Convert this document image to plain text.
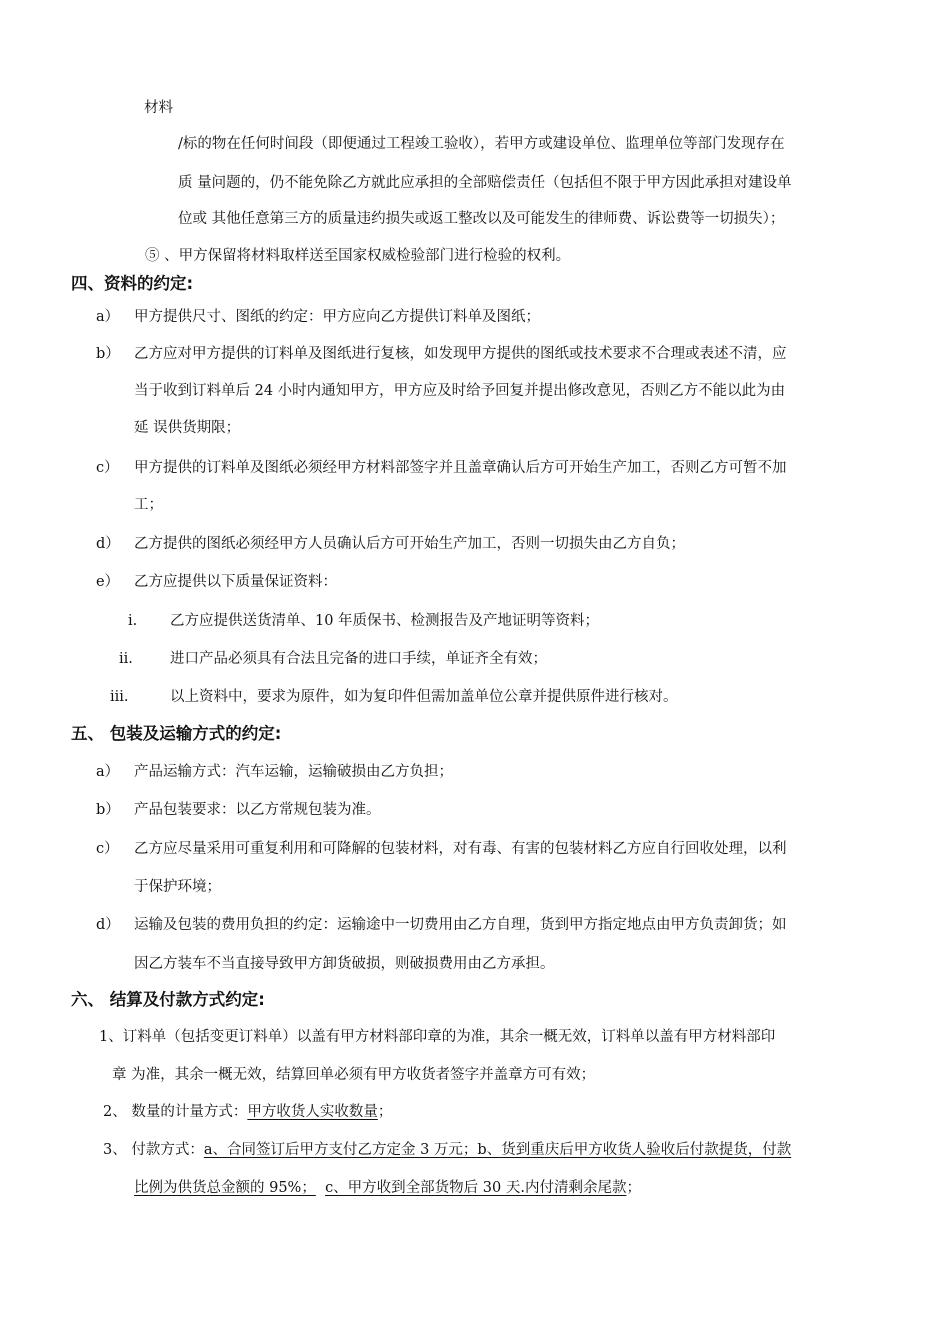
材料
/标的物在任何时间段（即便通过工程竣工验收），若甲方或建设单位、监理单位等部门发现存在
质 量问题的，仍不能免除乙方就此应承担的全部赔偿责任（包括但不限于甲方因此承担对建设单
位或 其他任意第三方的质量违约损失或返工整改以及可能发生的律师费、诉讼费等一切损失）；
⑤ 、甲方保留将材料取样送至国家权威检验部门进行检验的权利。
四、资料的约定:
a） 甲方提供尺寸、图纸的约定：甲方应向乙方提供订料单及图纸；
b） 乙方应对甲方提供的订料单及图纸进行复核，如发现甲方提供的图纸或技术要求不合理或表述不清，应
当于收到订料单后 24 小时内通知甲方，甲方应及时给予回复并提出修改意见，否则乙方不能以此为由
延 误供货期限；
c） 甲方提供的订料单及图纸必须经甲方材料部签字并且盖章确认后方可开始生产加工，否则乙方可暂不加
工；
d） 乙方提供的图纸必须经甲方人员确认后方可开始生产加工，否则一切损失由乙方自负；
e） 乙方应提供以下质量保证资料：
i. 乙方应提供送货清单、10 年质保书、检测报告及产地证明等资料；
ii.	进口产品必须具有合法且完备的进口手续，单证齐全有效；
iii.	以上资料中，要求为原件，如为复印件但需加盖单位公章并提供原件进行核对。
五、 包装及运输方式的约定:
a） 产品运输方式：汽车运输，运输破损由乙方负担；
b） 产品包装要求：以乙方常规包装为准。
c） 乙方应尽量采用可重复利用和可降解的包装材料，对有毒、有害的包装材料乙方应自行回收处理，以利
于保护环境；
d） 运输及包装的费用负担的约定：运输途中一切费用由乙方自理，货到甲方指定地点由甲方负责卸货；如
因乙方装车不当直接导致甲方卸货破损，则破损费用由乙方承担。
六、 结算及付款方式约定:
1、订料单（包括变更订料单）以盖有甲方材料部印章的为准，其余一概无效，订料单以盖有甲方材料部印
章 为准，其余一概无效，结算回单必须有甲方收货者签字并盖章方可有效；
2、 数量的计量方式：甲方收货人实收数量；
3、 付款方式：a、合同签订后甲方支付乙方定金 3 万元；b、货到重庆后甲方收货人验收后付款提货，付款
比例为供货总金额的 95%； c、甲方收到全部货物后 30 天.内付清剩余尾款；
